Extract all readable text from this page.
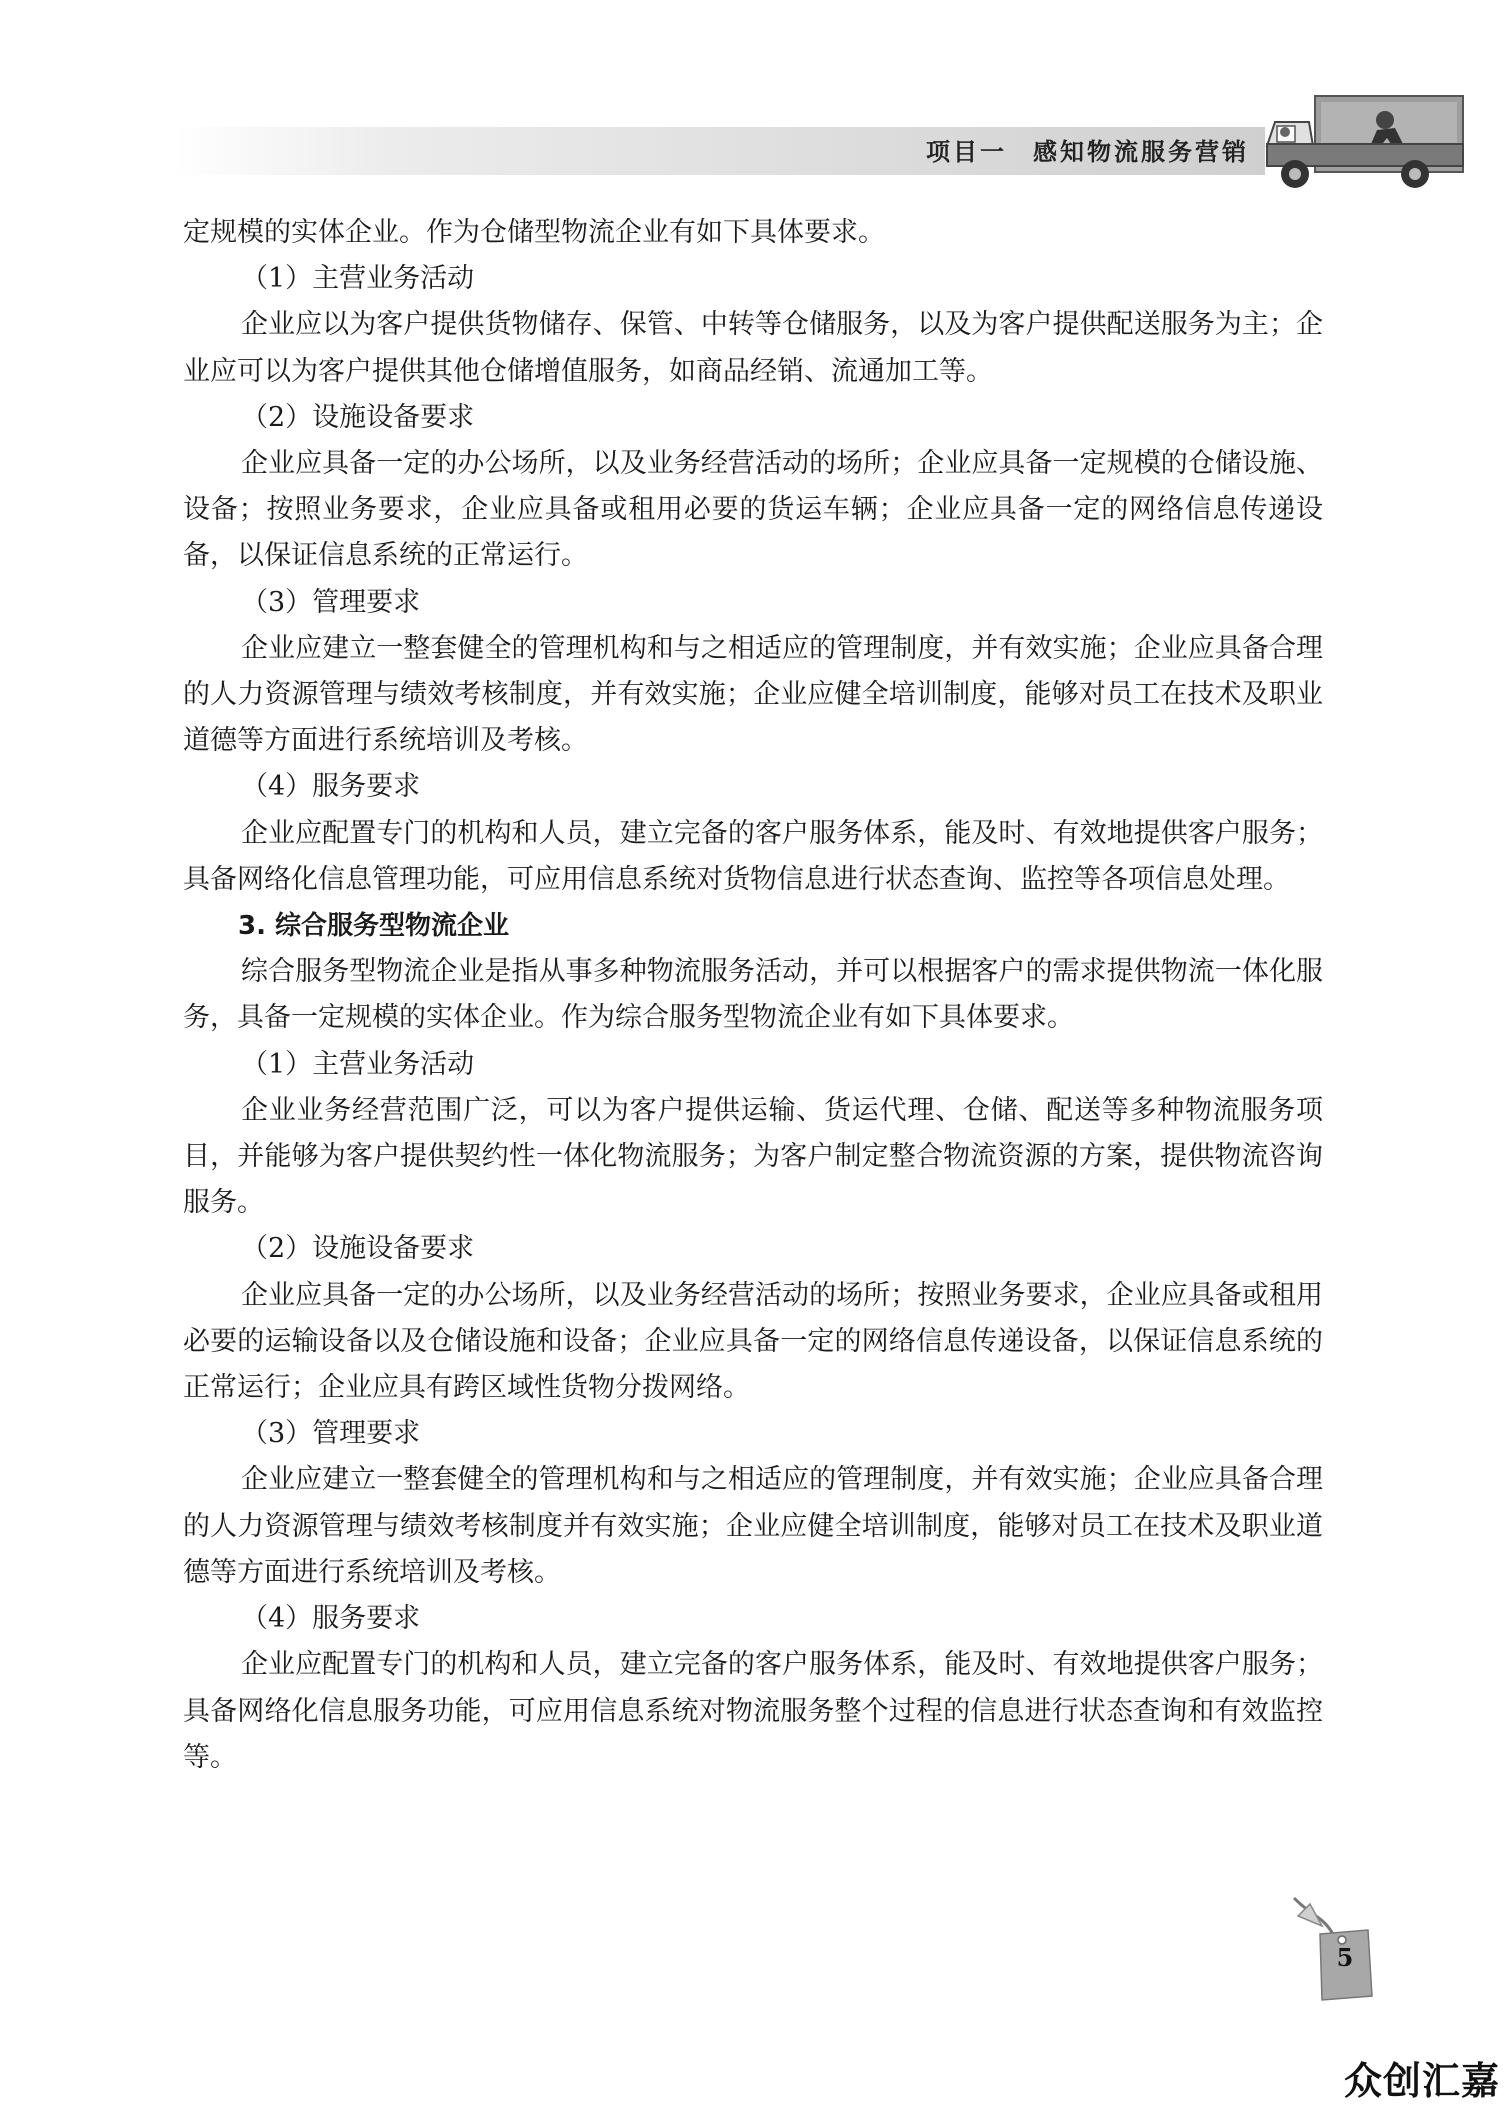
项目一 感知物流服务营销

定规模的实体企业。作为仓储型物流企业有如下具体要求。

（1）主营业务活动

企业应以为客户提供货物储存、保管、中转等仓储服务，以及为客户提供配送服务为主；企业应可以为客户提供其他仓储增值服务，如商品经销、流通加工等。

（2）设施设备要求

企业应具备一定的办公场所，以及业务经营活动的场所；企业应具备一定规模的仓储设施、设备；按照业务要求，企业应具备或租用必要的货运车辆；企业应具备一定的网络信息传递设备，以保证信息系统的正常运行。

（3）管理要求

企业应建立一整套健全的管理机构和与之相适应的管理制度，并有效实施；企业应具备合理的人力资源管理与绩效考核制度，并有效实施；企业应健全培训制度，能够对员工在技术及职业道德等方面进行系统培训及考核。

（4）服务要求

企业应配置专门的机构和人员，建立完备的客户服务体系，能及时、有效地提供客户服务；具备网络化信息管理功能，可应用信息系统对货物信息进行状态查询、监控等各项信息处理。

3. 综合服务型物流企业

综合服务型物流企业是指从事多种物流服务活动，并可以根据客户的需求提供物流一体化服务，具备一定规模的实体企业。作为综合服务型物流企业有如下具体要求。

（1）主营业务活动

企业业务经营范围广泛，可以为客户提供运输、货运代理、仓储、配送等多种物流服务项目，并能够为客户提供契约性一体化物流服务；为客户制定整合物流资源的方案，提供物流咨询服务。

（2）设施设备要求

企业应具备一定的办公场所，以及业务经营活动的场所；按照业务要求，企业应具备或租用必要的运输设备以及仓储设施和设备；企业应具备一定的网络信息传递设备，以保证信息系统的正常运行；企业应具有跨区域性货物分拨网络。

（3）管理要求

企业应建立一整套健全的管理机构和与之相适应的管理制度，并有效实施；企业应具备合理的人力资源管理与绩效考核制度并有效实施；企业应健全培训制度，能够对员工在技术及职业道德等方面进行系统培训及考核。

（4）服务要求

企业应配置专门的机构和人员，建立完备的客户服务体系，能及时、有效地提供客户服务；具备网络化信息服务功能，可应用信息系统对物流服务整个过程的信息进行状态查询和有效监控等。

5
众创汇嘉
